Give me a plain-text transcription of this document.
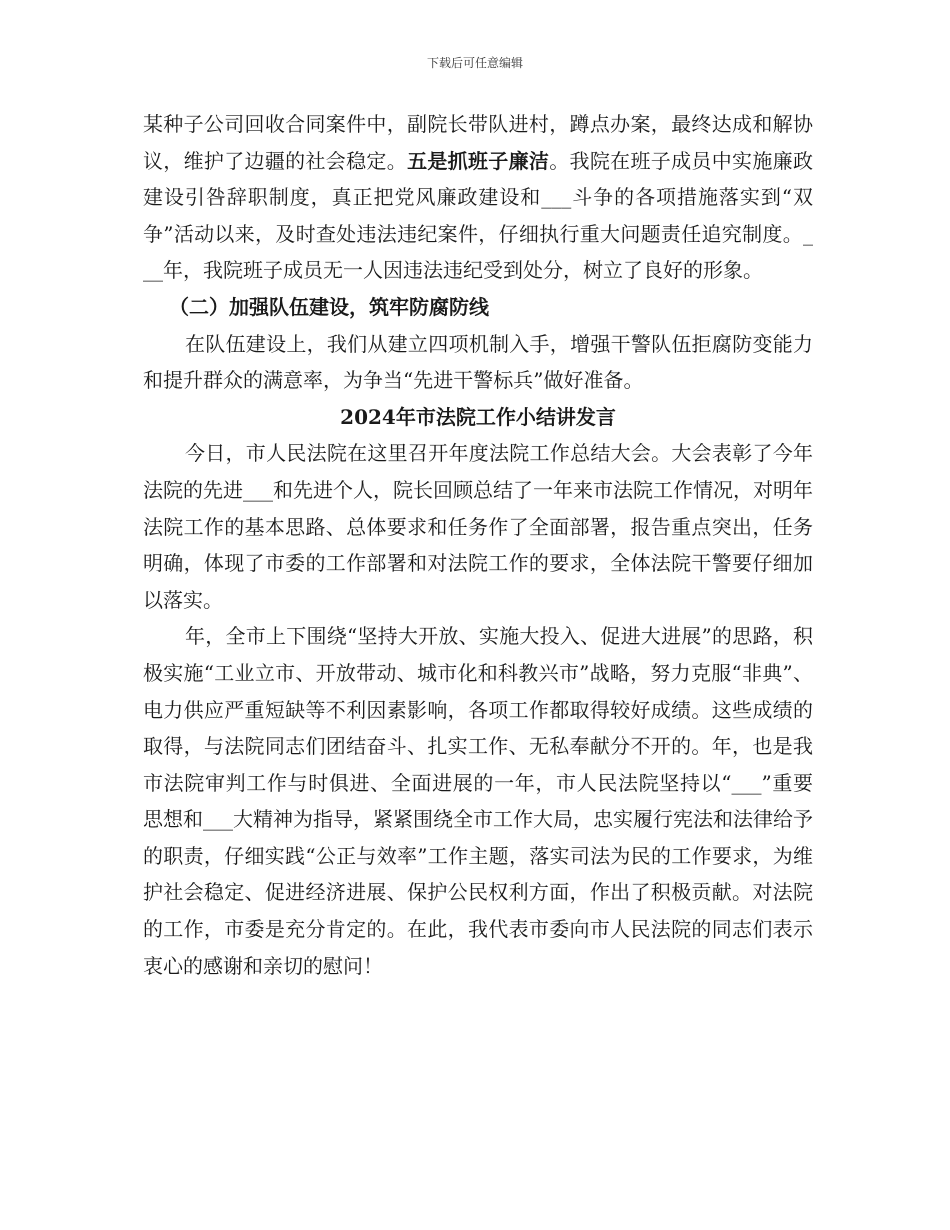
下载后可任意编辑

某种子公司回收合同案件中，副院长带队进村，蹲点办案，最终达成和解协议，维护了边疆的社会稳定。五是抓班子廉洁。我院在班子成员中实施廉政建设引咎辞职制度，真正把党风廉政建设和___斗争的各项措施落实到“双争”活动以来，及时查处违法违纪案件，仔细执行重大问题责任追究制度。___年，我院班子成员无一人因违法违纪受到处分，树立了良好的形象。

（二）加强队伍建设，筑牢防腐防线

在队伍建设上，我们从建立四项机制入手，增强干警队伍拒腐防变能力和提升群众的满意率，为争当“先进干警标兵”做好准备。

2024年市法院工作小结讲发言

今日，市人民法院在这里召开年度法院工作总结大会。大会表彰了今年法院的先进___和先进个人，院长回顾总结了一年来市法院工作情况，对明年法院工作的基本思路、总体要求和任务作了全面部署，报告重点突出，任务明确，体现了市委的工作部署和对法院工作的要求，全体法院干警要仔细加以落实。

年，全市上下围绕“坚持大开放、实施大投入、促进大进展”的思路，积极实施“工业立市、开放带动、城市化和科教兴市”战略，努力克服“非典”、电力供应严重短缺等不利因素影响，各项工作都取得较好成绩。这些成绩的取得，与法院同志们团结奋斗、扎实工作、无私奉献分不开的。年，也是我市法院审判工作与时俱进、全面进展的一年，市人民法院坚持以“___”重要思想和___大精神为指导，紧紧围绕全市工作大局，忠实履行宪法和法律给予的职责，仔细实践“公正与效率”工作主题，落实司法为民的工作要求，为维护社会稳定、促进经济进展、保护公民权利方面，作出了积极贡献。对法院的工作，市委是充分肯定的。在此，我代表市委向市人民法院的同志们表示衷心的感谢和亲切的慰问！
